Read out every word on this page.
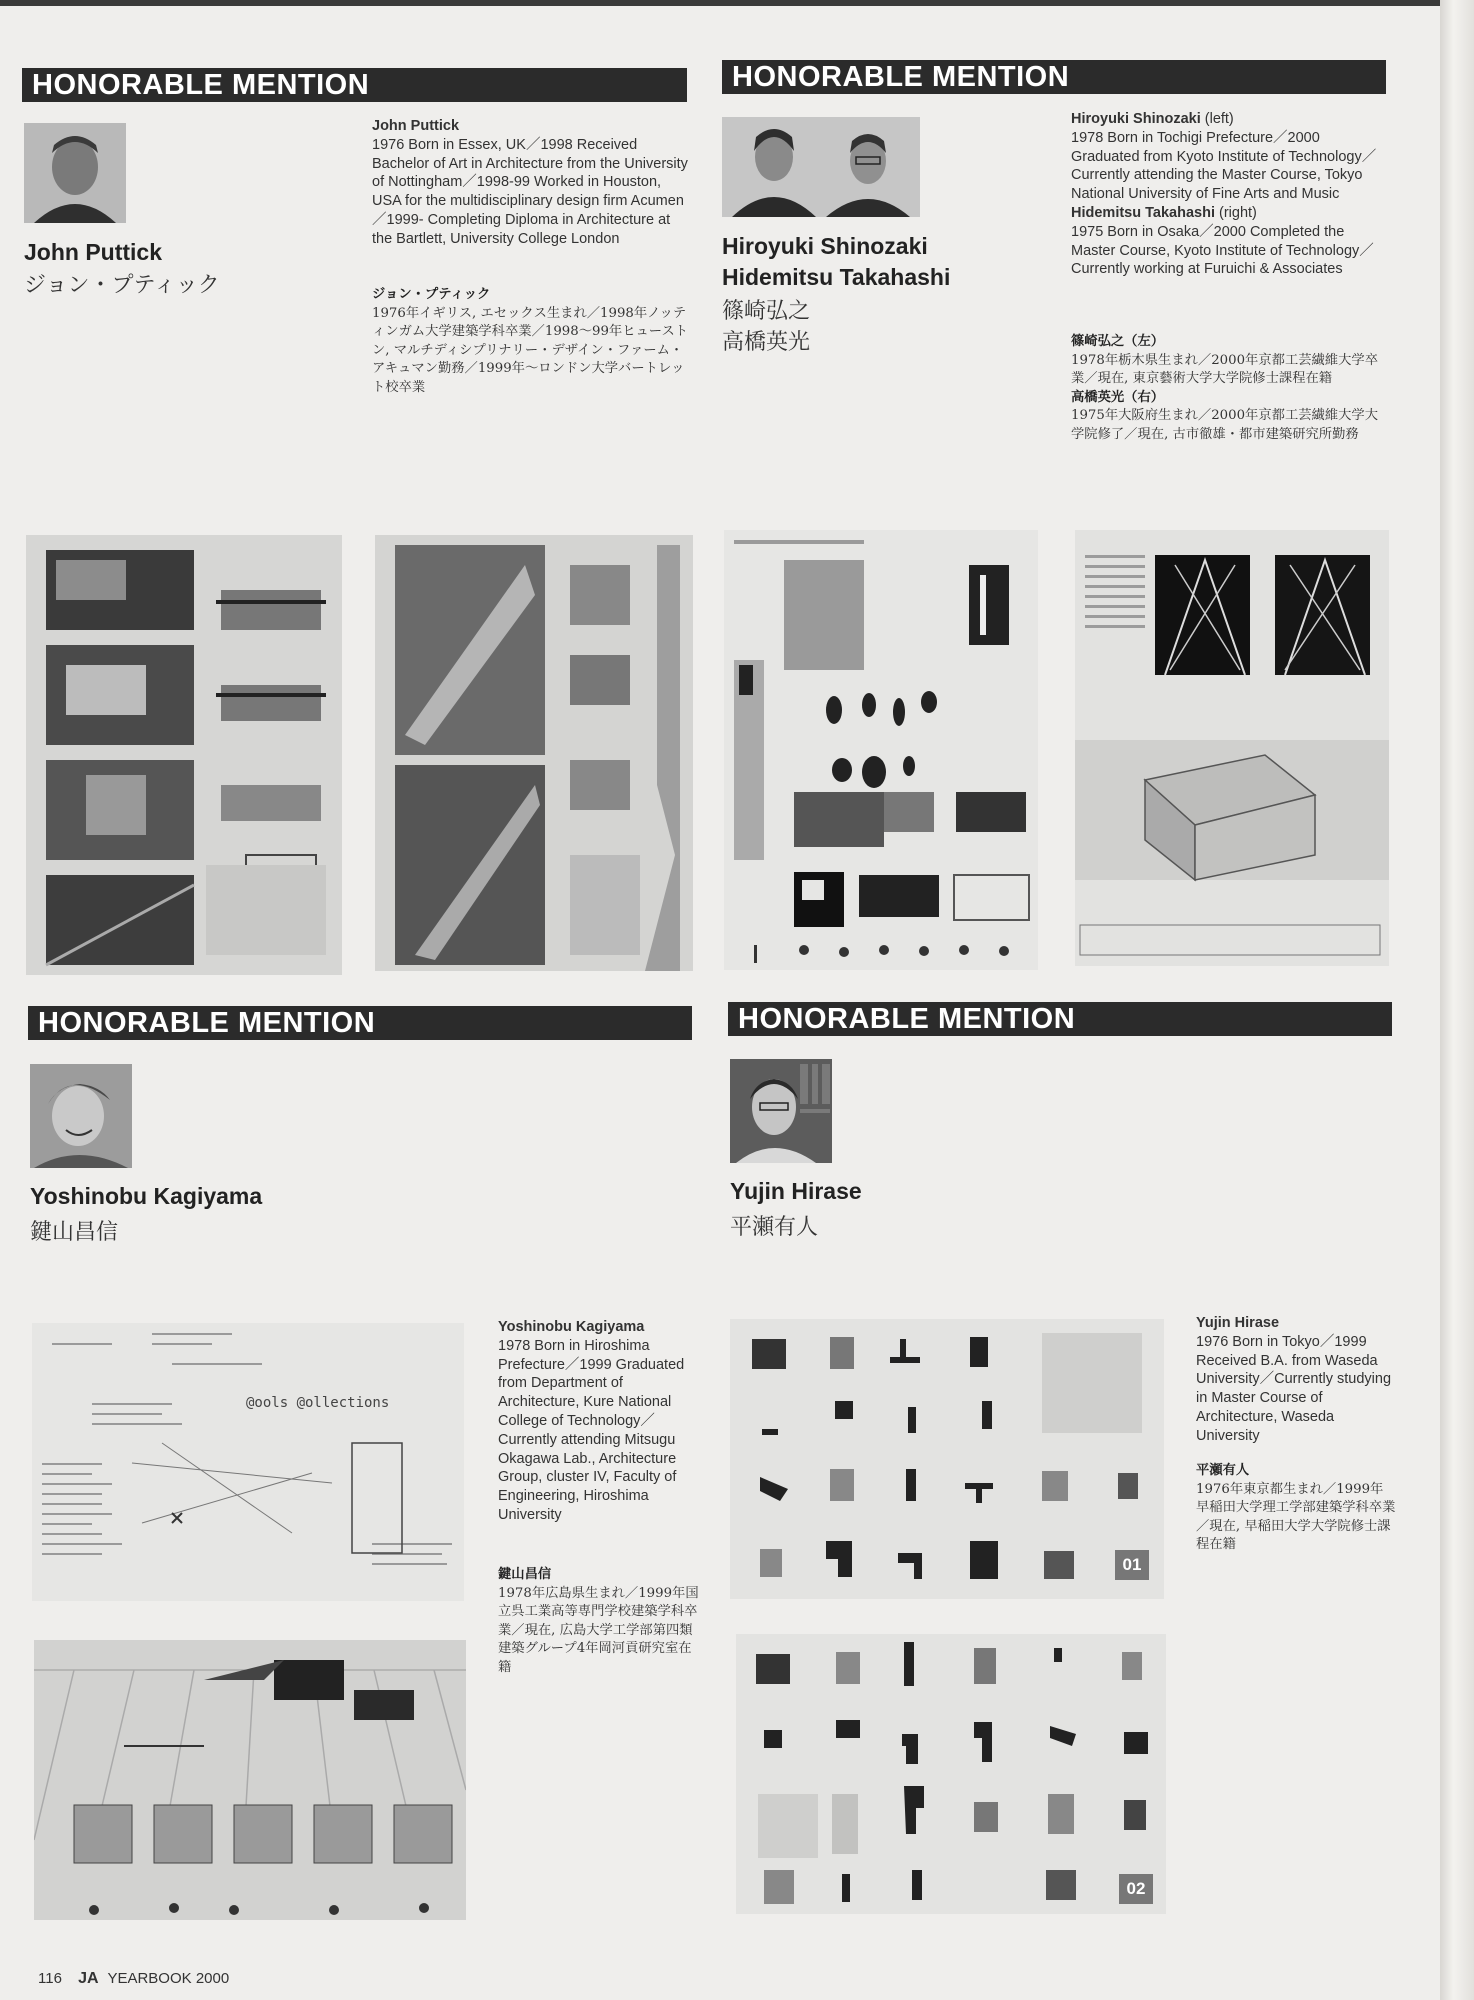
HONORABLE MENTION
John Puttick
ジョン・プティック
John Puttick
1976 Born in Essex, UK／1998 Received Bachelor of Art in Architecture from the University of Nottingham／1998-99 Worked in Houston, USA for the multidisciplinary design firm Acumen／1999- Completing Diploma in Architecture at the Bartlett, University College London
ジョン・プティック
1976年イギリス, エセックス生まれ／1998年ノッティンガム大学建築学科卒業／1998～99年ヒューストン, マルチディシプリナリー・デザイン・ファーム・アキュマン勤務／1999年～ロンドン大学バートレット校卒業
HONORABLE MENTION
Hiroyuki Shinozaki
Hidemitsu Takahashi
篠崎弘之
高橋英光
Hiroyuki Shinozaki (left)
1978 Born in Tochigi Prefecture／2000 Graduated from Kyoto Institute of Technology／Currently attending the Master Course, Tokyo National University of Fine Arts and Music
Hidemitsu Takahashi (right)
1975 Born in Osaka／2000 Completed the Master Course, Kyoto Institute of Technology／Currently working at Furuichi & Associates
篠崎弘之（左）
1978年栃木県生まれ／2000年京都工芸繊維大学卒業／現在, 東京藝術大学大学院修士課程在籍
高橋英光（右）
1975年大阪府生まれ／2000年京都工芸繊維大学大学院修了／現在, 古市徹雄・都市建築研究所勤務
HONORABLE MENTION
Yoshinobu Kagiyama
鍵山昌信
Yoshinobu Kagiyama
1978 Born in Hiroshima Prefecture／1999 Graduated from Department of Architecture, Kure National College of Technology／Currently attending Mitsugu Okagawa Lab., Architecture Group, cluster IV, Faculty of Engineering, Hiroshima University
鍵山昌信
1978年広島県生まれ／1999年国立呉工業高等専門学校建築学科卒業／現在, 広島大学工学部第四類建築グループ4年岡河貢研究室在籍
@ools @ollections
HONORABLE MENTION
Yujin Hirase
平瀬有人
Yujin Hirase
1976 Born in Tokyo／1999 Received B.A. from Waseda University／Currently studying in Master Course of Architecture, Waseda University
平瀬有人
1976年東京都生まれ／1999年早稲田大学理工学部建築学科卒業／現在, 早稲田大学大学院修士課程在籍
01
02
116 JA YEARBOOK 2000
